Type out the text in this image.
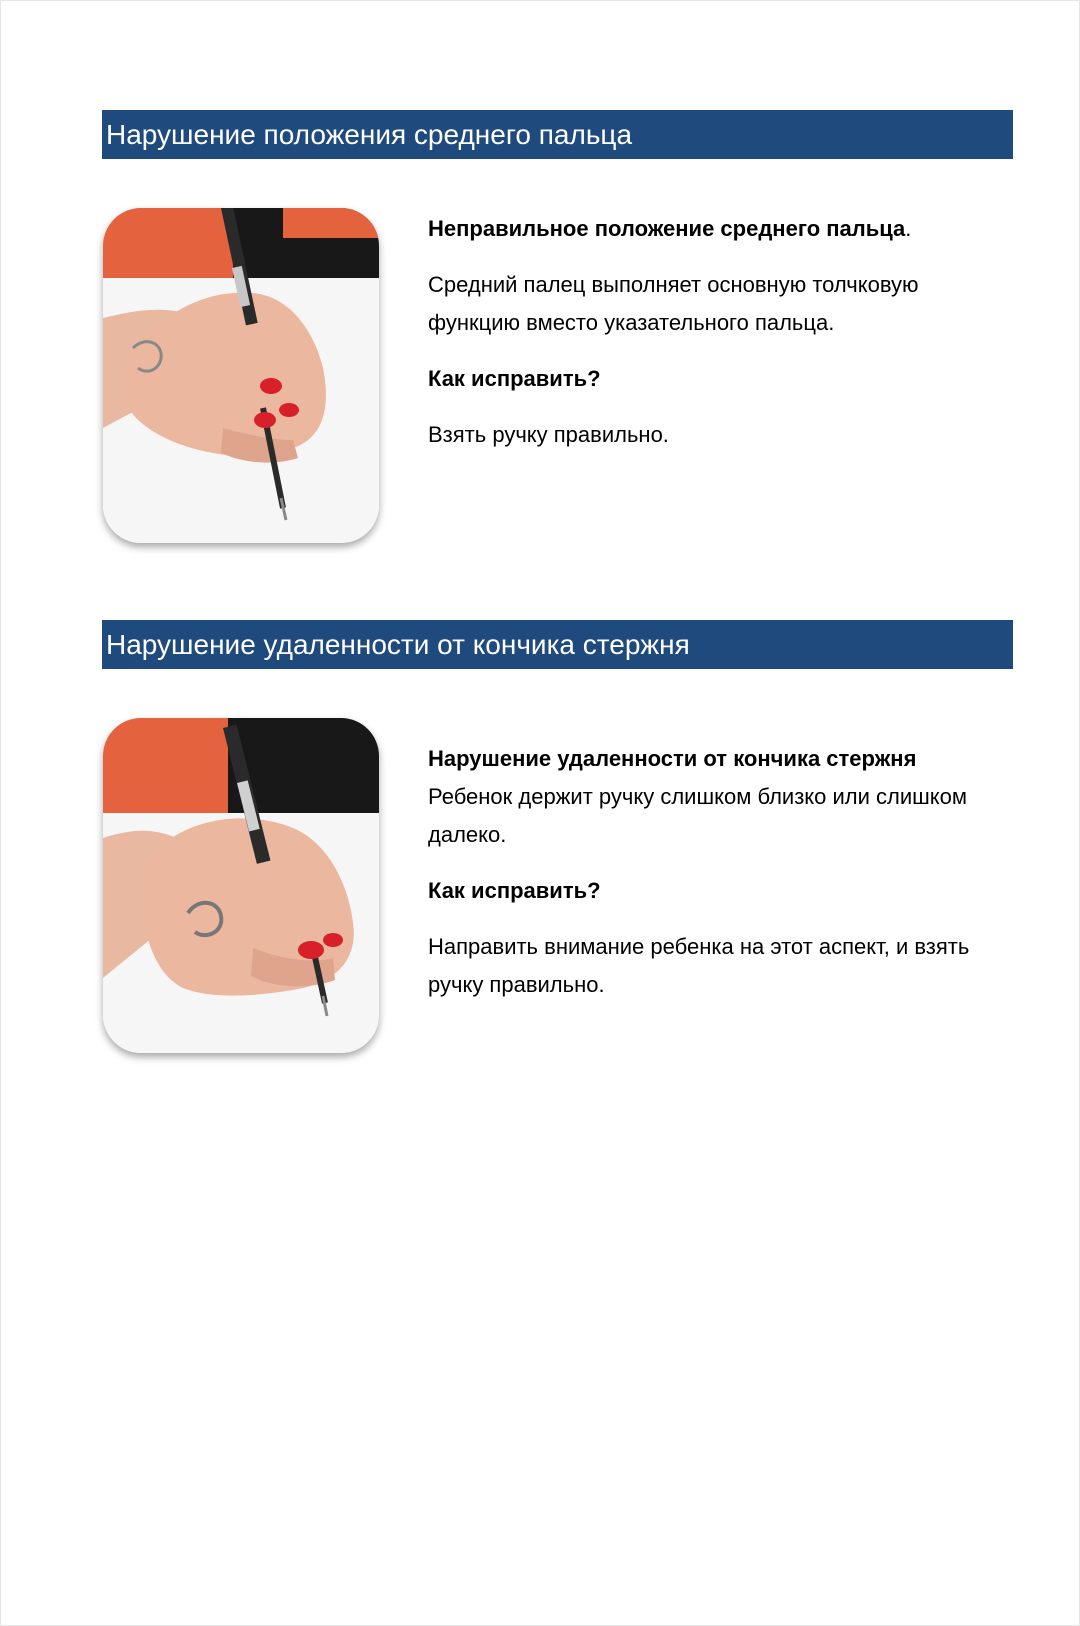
Нарушение положения среднего пальца

Неправильное положение среднего пальца.

Средний палец выполняет основную толчковую функцию вместо указательного пальца.

Как исправить?

Взять ручку правильно.

Нарушение удаленности от кончика стержня

Нарушение удаленности от кончика стержня

Ребенок держит ручку слишком близко или слишком далеко.

Как исправить?

Направить внимание ребенка на этот аспект, и взять ручку правильно.
